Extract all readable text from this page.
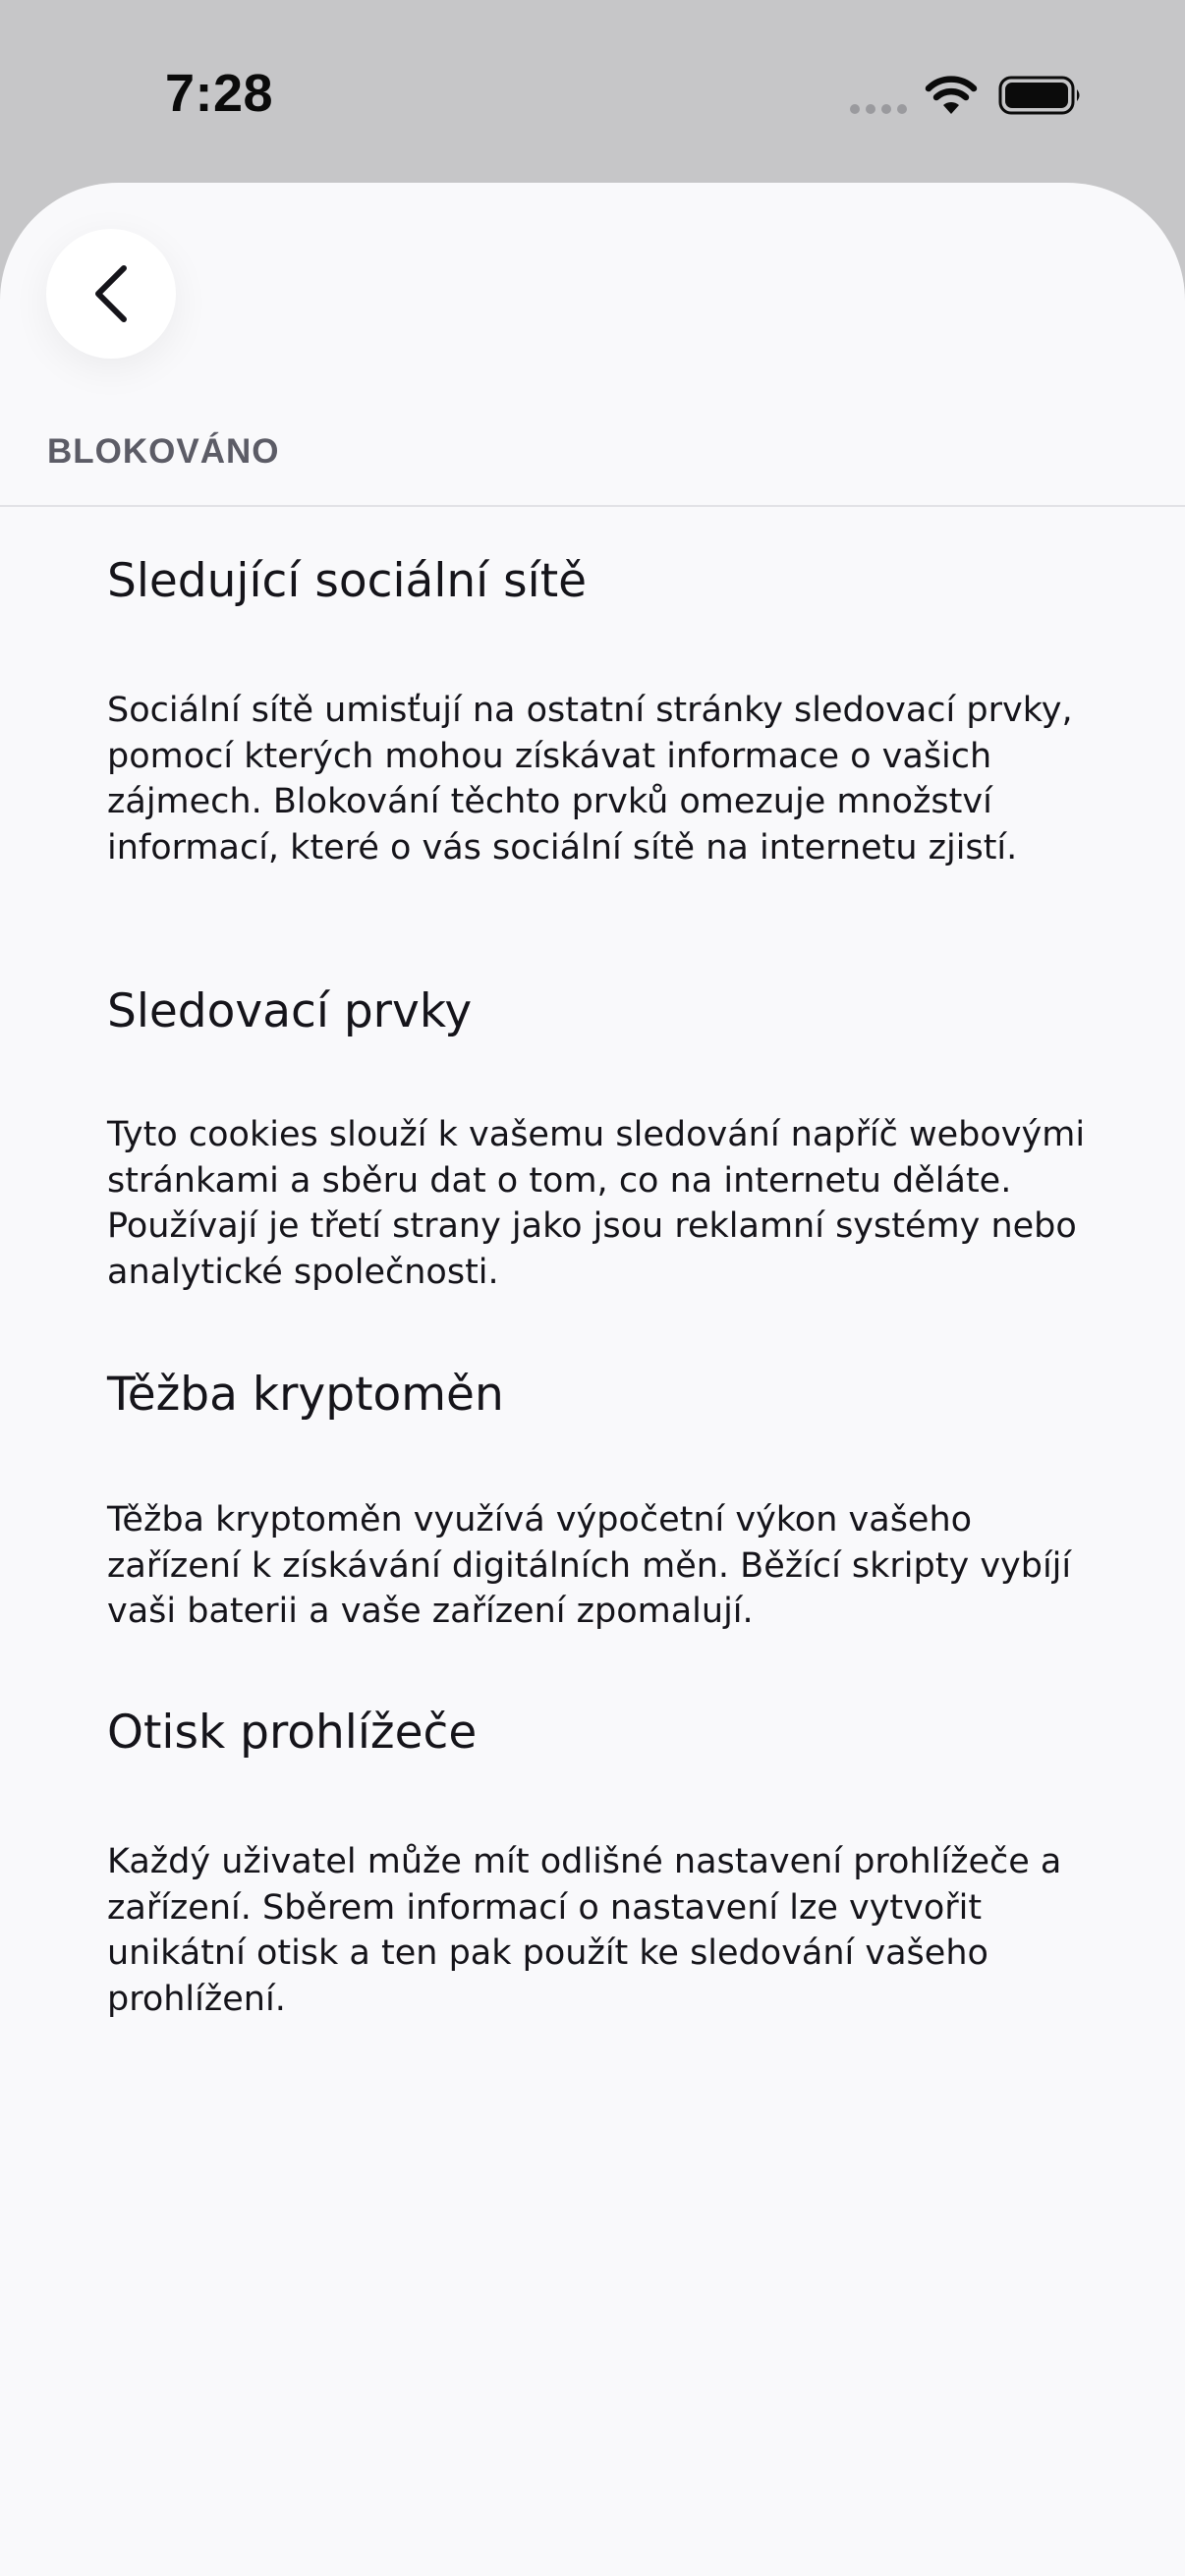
7:28
BLOKOVÁNO
Sledující sociální sítě
Sociální sítě umisťují na ostatní stránky sledovací prvky, pomocí kterých mohou získávat informace o vašich zájmech. Blokování těchto prvků omezuje množství informací, které o vás sociální sítě na internetu zjistí.
Sledovací prvky
Tyto cookies slouží k vašemu sledování napříč webovými stránkami a sběru dat o tom, co na internetu děláte. Používají je třetí strany jako jsou reklamní systémy nebo analytické společnosti.
Těžba kryptoměn
Těžba kryptoměn využívá výpočetní výkon vašeho zařízení k získávání digitálních měn. Běžící skripty vybíjí vaši baterii a vaše zařízení zpomalují.
Otisk prohlížeče
Každý uživatel může mít odlišné nastavení prohlížeče a zařízení. Sběrem informací o nastavení lze vytvořit unikátní otisk a ten pak použít ke sledování vašeho prohlížení.
